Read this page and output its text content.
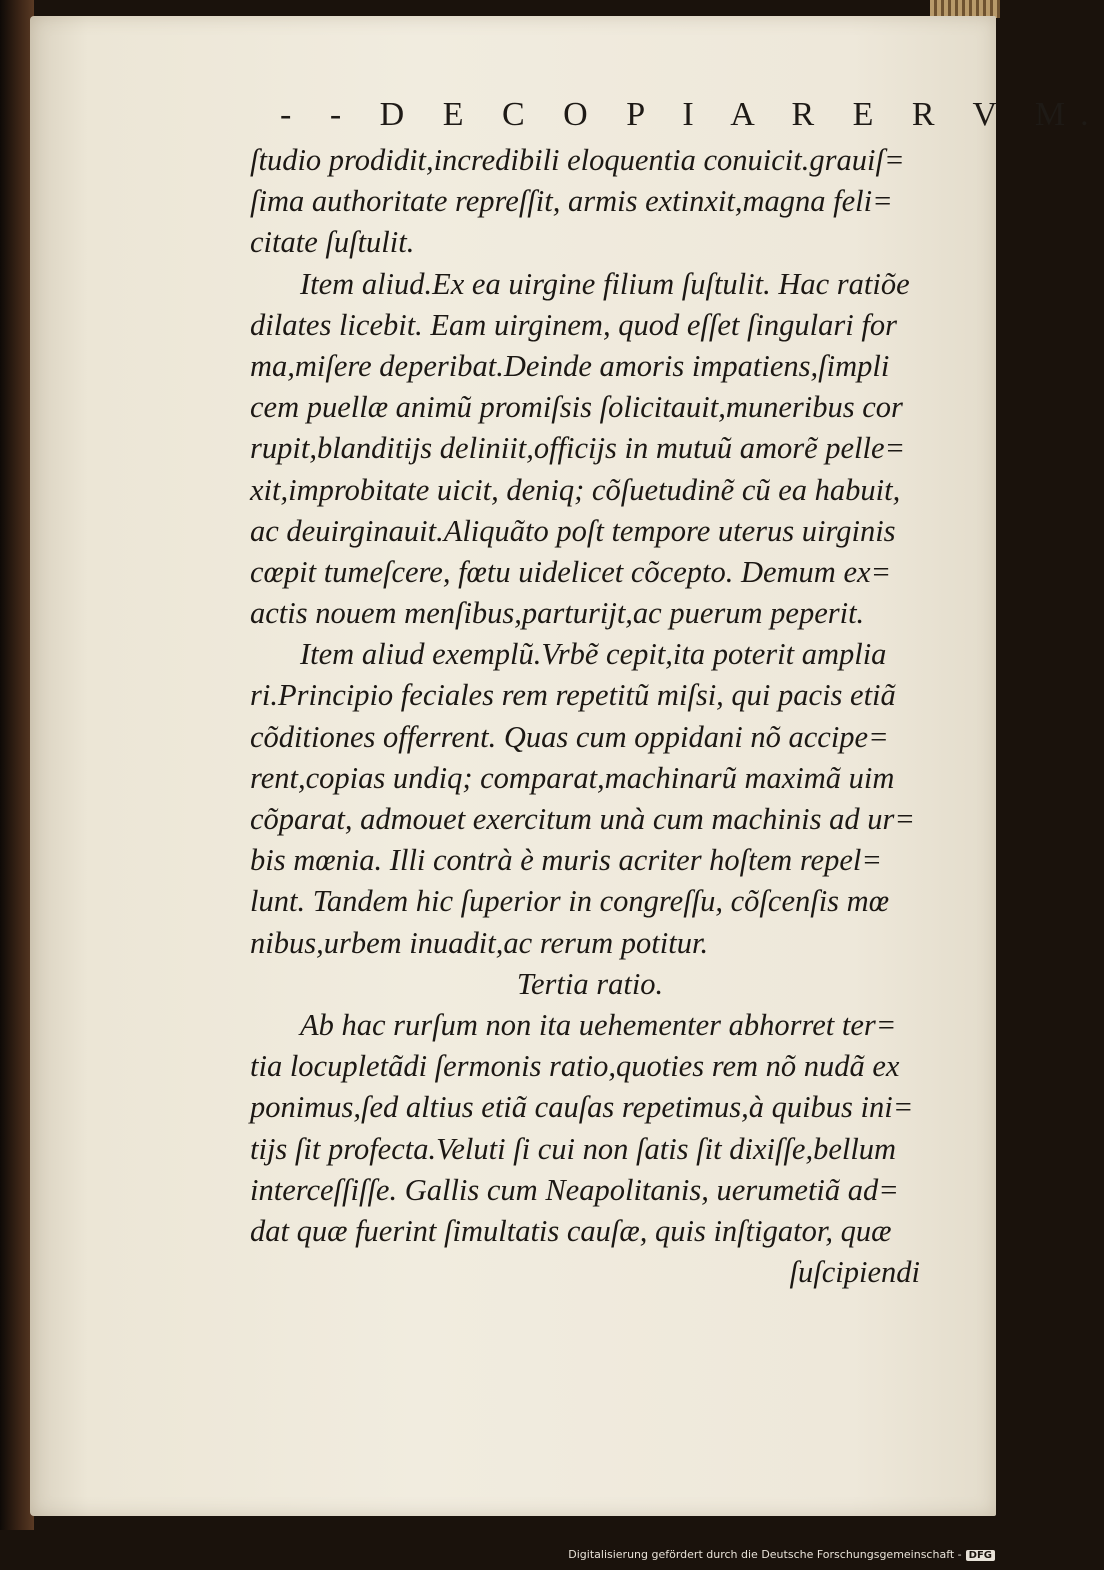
- - D E C O P I A R E R V M.
ſtudio prodidit,incredibili eloquentia conuicit.grauiſ=
ſima authoritate repreſſit, armis extinxit,magna feli=
citate ſuſtulit.
Item aliud.Ex ea uirgine filium ſuſtulit. Hac ratiõe
dilates licebit. Eam uirginem, quod eſſet ſingulari for
ma,miſere deperibat.Deinde amoris impatiens,ſimpli
cem puellæ animũ promiſsis ſolicitauit,muneribus cor
rupit,blanditijs deliniit,officijs in mutuũ amorẽ pelle=
xit,improbitate uicit, deniq; cõſuetudinẽ cũ ea habuit,
ac deuirginauit.Aliquãto poſt tempore uterus uirginis
cœpit tumeſcere, fœtu uidelicet cõcepto. Demum ex=
actis nouem menſibus,parturijt,ac puerum peperit.
Item aliud exemplũ.Vrbẽ cepit,ita poterit amplia
ri.Principio feciales rem repetitũ miſsi, qui pacis etiã
cõditiones offerrent. Quas cum oppidani nõ accipe=
rent,copias undiq; comparat,machinarũ maximã uim
cõparat, admouet exercitum unà cum machinis ad ur=
bis mœnia. Illi contrà è muris acriter hoſtem repel=
lunt. Tandem hic ſuperior in congreſſu, cõſcenſis mœ
nibus,urbem inuadit,ac rerum potitur.
Tertia ratio.
Ab hac rurſum non ita uehementer abhorret ter=
tia locupletãdi ſermonis ratio,quoties rem nõ nudã ex
ponimus,ſed altius etiã cauſas repetimus,à quibus ini=
tijs ſit profecta.Veluti ſi cui non ſatis ſit dixiſſe,bellum
interceſſiſſe. Gallis cum Neapolitanis, uerumetiã ad=
dat quæ fuerint ſimultatis cauſæ, quis inſtigator, quæ
ſuſcipiendi
Digitalisierung gefördert durch die Deutsche Forschungsgemeinschaft - DFG
